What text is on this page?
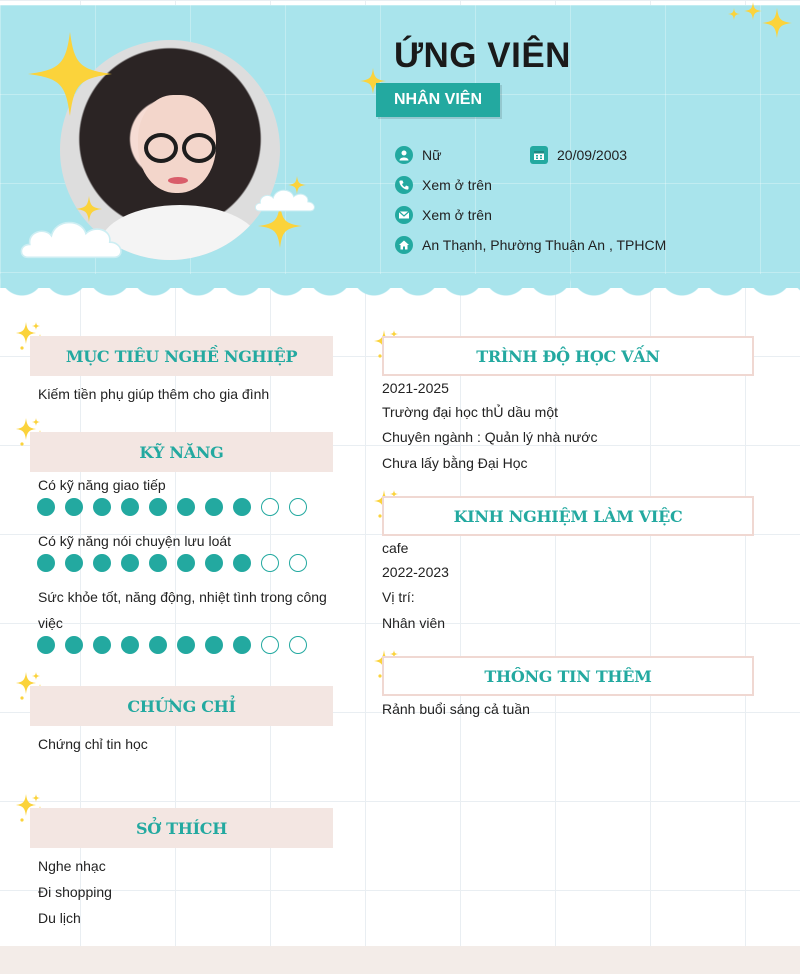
ỨNG VIÊN
NHÂN VIÊN
Nữ	20/09/2003
Xem ở trên
Xem ở trên
An Thạnh, Phường Thuận An , TPHCM
MỤC TIÊU NGHỀ NGHIỆP
Kiếm tiền phụ giúp thêm cho gia đình
KỸ NĂNG
Có kỹ năng giao tiếp
Có kỹ năng nói chuyện lưu loát
Sức khỏe tốt, năng động, nhiệt tình trong công
việc
CHỨNG CHỈ
Chứng chỉ tin học
SỞ THÍCH
Nghe nhạc
Đi shopping
Du lịch
TRÌNH ĐỘ HỌC VẤN
2021-2025
Trường đại học thỦ dầu một
Chuyên ngành : Quản lý nhà nước
Chưa lấy bằng Đại Học
KINH NGHIỆM LÀM VIỆC
cafe
2022-2023
Vị trí:
Nhân viên
THÔNG TIN THÊM
Rảnh buổi sáng cả tuần
